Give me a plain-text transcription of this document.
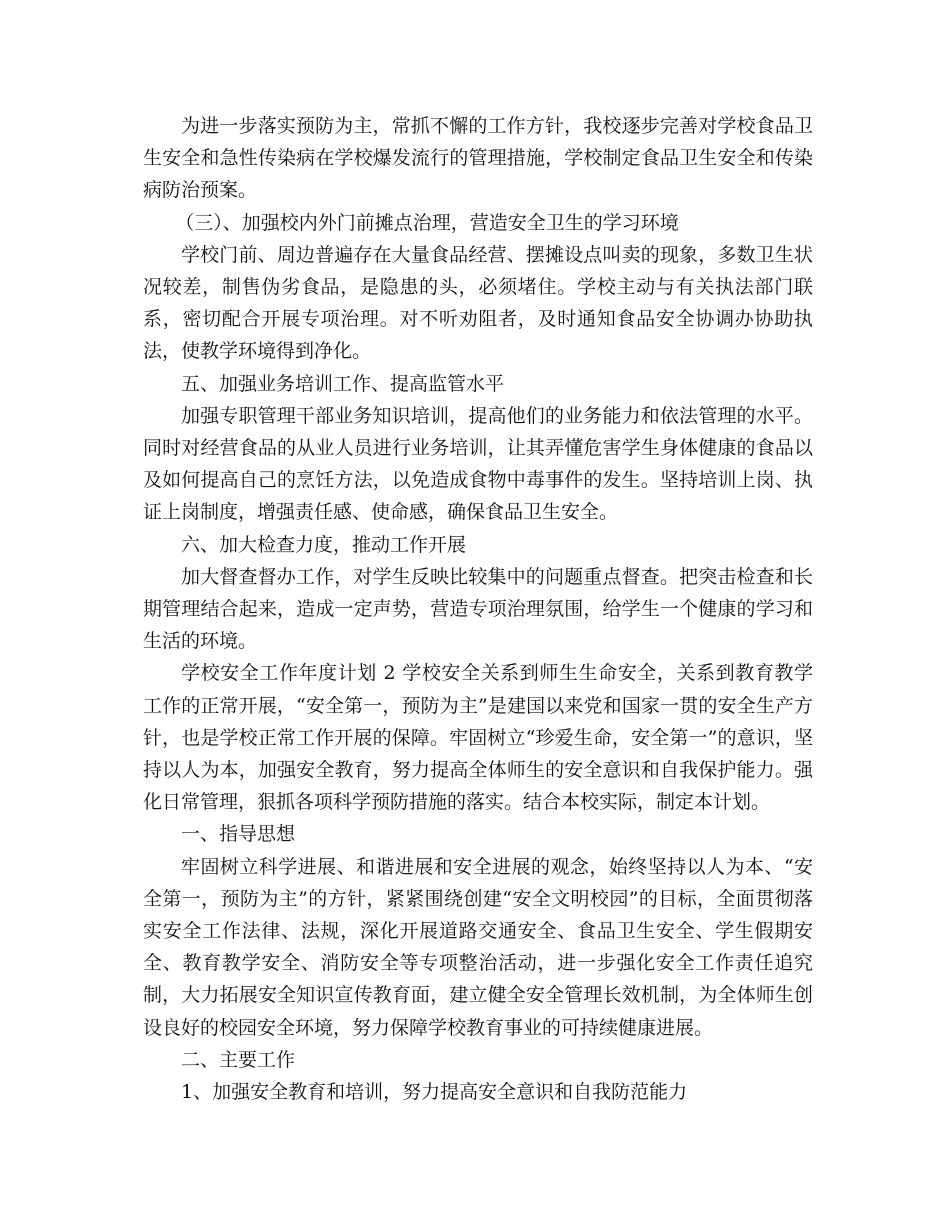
为进一步落实预防为主，常抓不懈的工作方针，我校逐步完善对学校食品卫生安全和急性传染病在学校爆发流行的管理措施，学校制定食品卫生安全和传染病防治预案。

（三）、加强校内外门前摊点治理，营造安全卫生的学习环境

学校门前、周边普遍存在大量食品经营、摆摊设点叫卖的现象，多数卫生状况较差，制售伪劣食品，是隐患的头，必须堵住。学校主动与有关执法部门联系，密切配合开展专项治理。对不听劝阻者，及时通知食品安全协调办协助执法，使教学环境得到净化。

五、加强业务培训工作、提高监管水平

加强专职管理干部业务知识培训，提高他们的业务能力和依法管理的水平。同时对经营食品的从业人员进行业务培训，让其弄懂危害学生身体健康的食品以及如何提高自己的烹饪方法，以免造成食物中毒事件的发生。坚持培训上岗、执证上岗制度，增强责任感、使命感，确保食品卫生安全。

六、加大检查力度，推动工作开展

加大督查督办工作，对学生反映比较集中的问题重点督查。把突击检查和长期管理结合起来，造成一定声势，营造专项治理氛围，给学生一个健康的学习和生活的环境。

学校安全工作年度计划 2 学校安全关系到师生生命安全，关系到教育教学工作的正常开展，“安全第一，预防为主”是建国以来党和国家一贯的安全生产方针，也是学校正常工作开展的保障。牢固树立“珍爱生命，安全第一”的意识，坚持以人为本，加强安全教育，努力提高全体师生的安全意识和自我保护能力。强化日常管理，狠抓各项科学预防措施的落实。结合本校实际，制定本计划。

一、指导思想

牢固树立科学进展、和谐进展和安全进展的观念，始终坚持以人为本、“安全第一，预防为主”的方针，紧紧围绕创建“安全文明校园”的目标，全面贯彻落实安全工作法律、法规，深化开展道路交通安全、食品卫生安全、学生假期安全、教育教学安全、消防安全等专项整治活动，进一步强化安全工作责任追究制，大力拓展安全知识宣传教育面，建立健全安全管理长效机制，为全体师生创设良好的校园安全环境，努力保障学校教育事业的可持续健康进展。

二、主要工作

1、加强安全教育和培训，努力提高安全意识和自我防范能力
